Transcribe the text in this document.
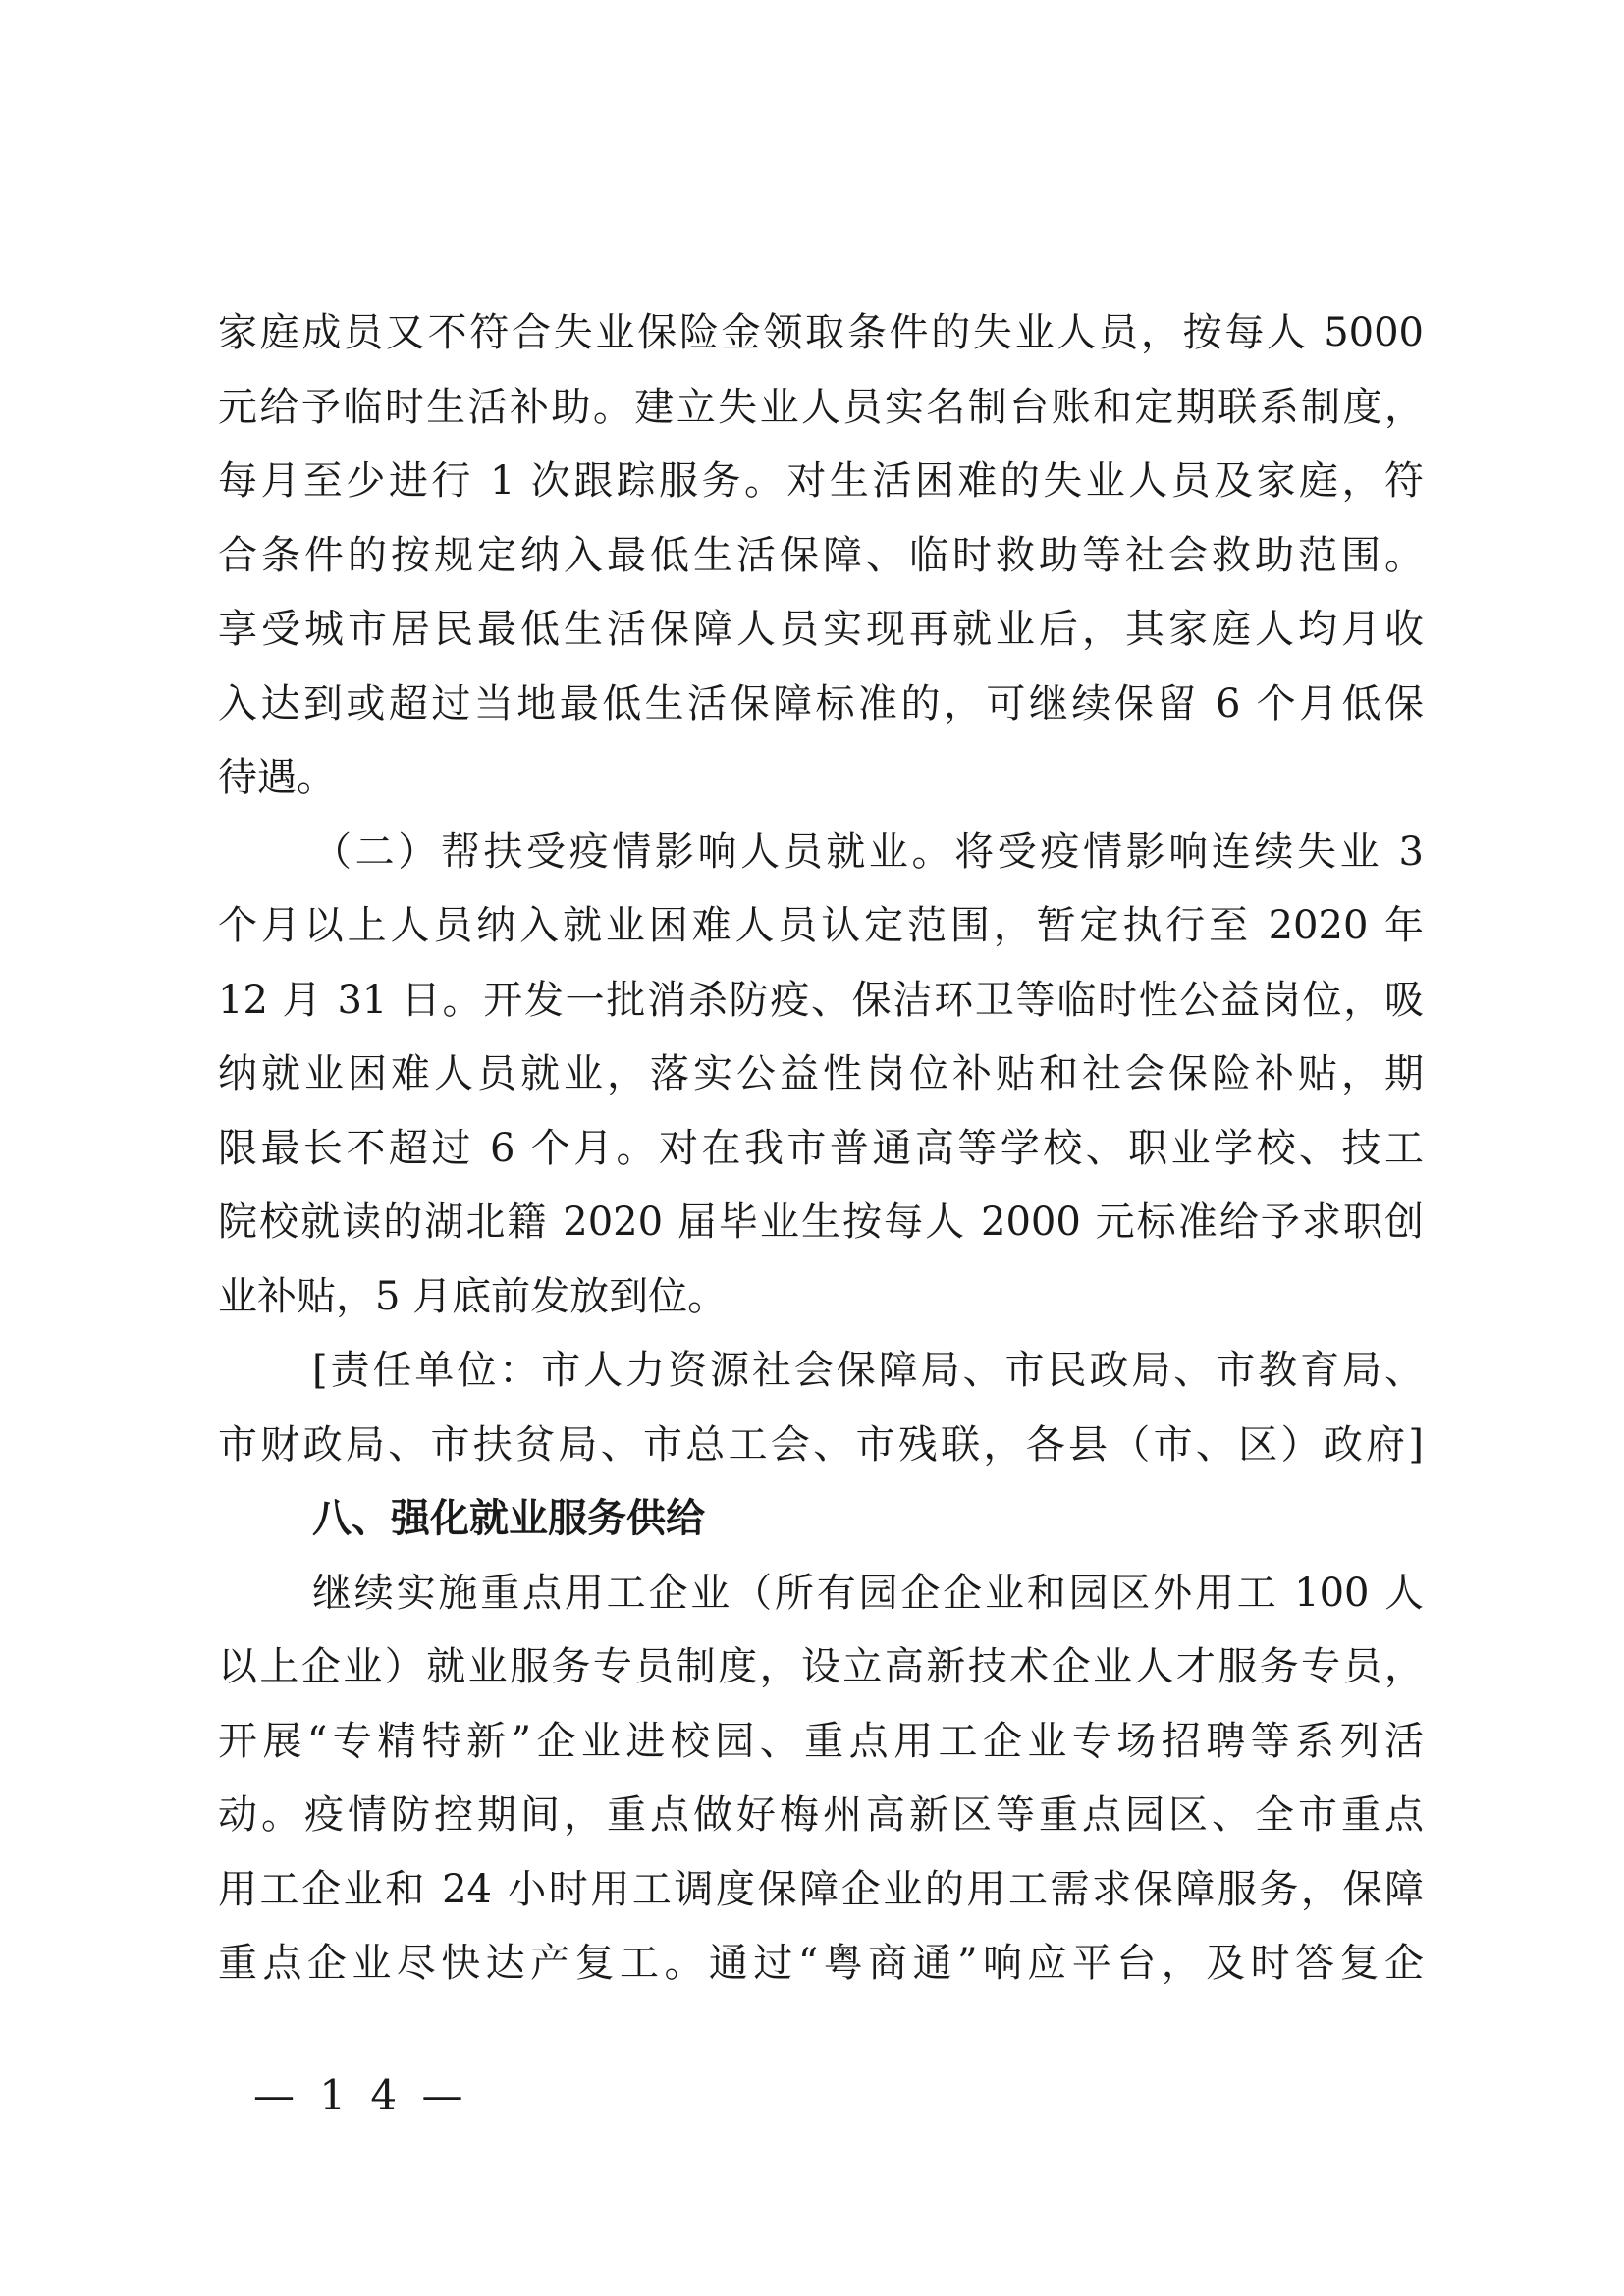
家庭成员又不符合失业保险金领取条件的失业人员，按每人 5000
元给予临时生活补助。建立失业人员实名制台账和定期联系制度，
每月至少进行 1 次跟踪服务。对生活困难的失业人员及家庭，符
合条件的按规定纳入最低生活保障、临时救助等社会救助范围。
享受城市居民最低生活保障人员实现再就业后，其家庭人均月收
入达到或超过当地最低生活保障标准的，可继续保留 6 个月低保
待遇。
（二）帮扶受疫情影响人员就业。将受疫情影响连续失业 3
个月以上人员纳入就业困难人员认定范围，暂定执行至 2020 年
12 月 31 日。开发一批消杀防疫、保洁环卫等临时性公益岗位，吸
纳就业困难人员就业，落实公益性岗位补贴和社会保险补贴，期
限最长不超过 6 个月。对在我市普通高等学校、职业学校、技工
院校就读的湖北籍 2020 届毕业生按每人 2000 元标准给予求职创
业补贴，5 月底前发放到位。
[责任单位：市人力资源社会保障局、市民政局、市教育局、
市财政局、市扶贫局、市总工会、市残联，各县（市、区）政府]
八、强化就业服务供给
继续实施重点用工企业（所有园企企业和园区外用工 100 人
以上企业）就业服务专员制度，设立高新技术企业人才服务专员，
开展“专精特新”企业进校园、重点用工企业专场招聘等系列活
动。疫情防控期间，重点做好梅州高新区等重点园区、全市重点
用工企业和 24 小时用工调度保障企业的用工需求保障服务，保障
重点企业尽快达产复工。通过“粤商通”响应平台，及时答复企
— 1 4 —
